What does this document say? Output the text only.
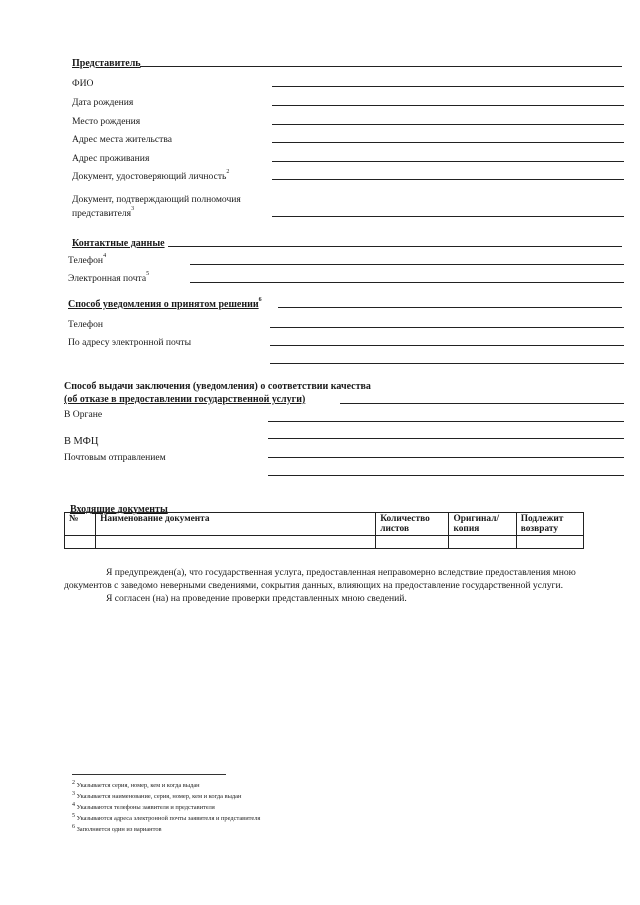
Представитель
ФИО
Дата рождения
Место рождения
Адрес места жительства
Адрес проживания
Документ, удостоверяющий личность$^2$
Документ, подтверждающий полномочия
представителя$^3$
Контактные данные
Телефон$^4$
Электронная почта$^5$
Способ уведомления о принятом решении$^6$
Телефон
По адресу электронной почты
Способ выдачи заключения (уведомления) о соответствии качества
(об отказе в предоставлении государственной услуги)
В Органе
В МФЦ
Почтовым отправлением
Входящие документы
№	Наименование документа	Количество листов	Оригинал/ копия	Подлежит возврату

Я предупрежден(а), что государственная услуга, предоставленная неправомерно вследствие предоставления мною
документов с заведомо неверными сведениями, сокрытия данных, влияющих на предоставление государственной услуги.
Я согласен (на) на проведение проверки представленных мною сведений.
$^2$ Указывается серия, номер, кем и когда выдан
$^3$ Указывается наименование, серия, номер, кем и когда выдан
$^4$ Указываются телефоны заявителя и представителя
$^5$ Указываются адреса электронной почты заявителя и представителя
$^6$ Заполняется один из вариантов
